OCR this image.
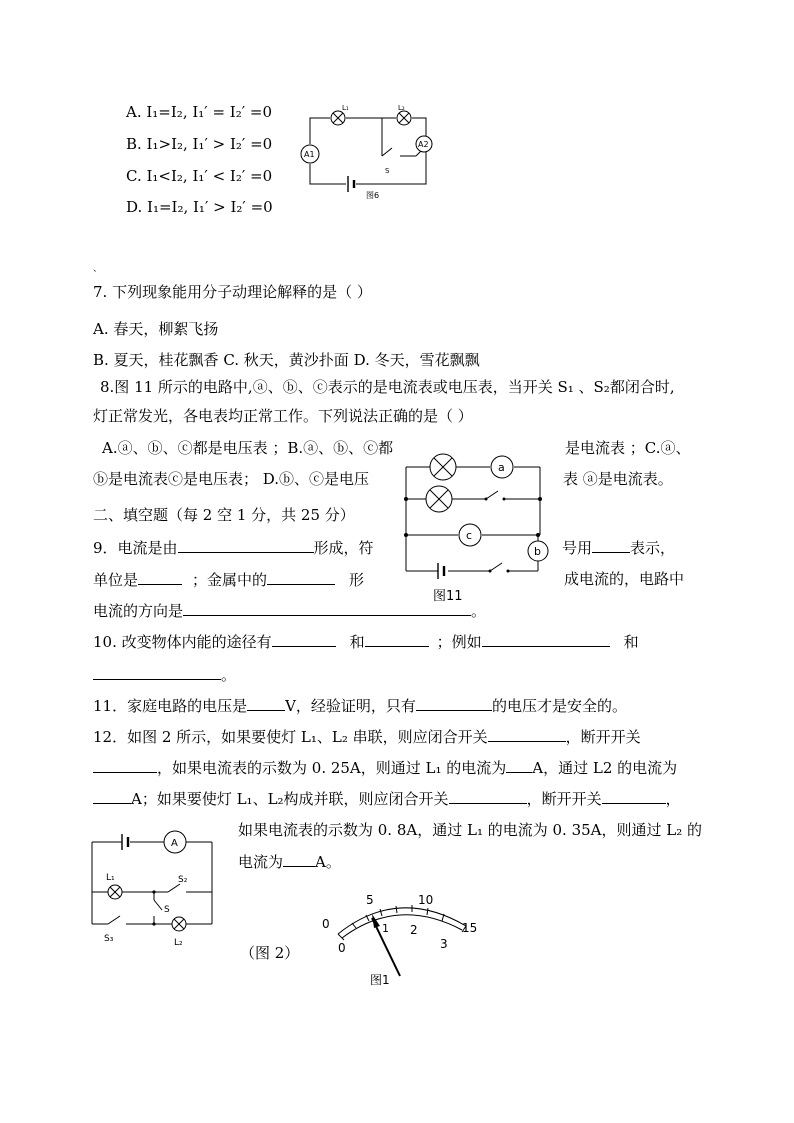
A. I₁=I₂, I₁′ = I₂′ =0
B. I₁>I₂, I₁′ > I₂′ =0
C. I₁<I₂, I₁′ < I₂′ =0
D. I₁=I₂, I₁′ > I₂′ =0
L₁	L₂
A1
A2
S
图6
、
7. 下列现象能用分子动理论解释的是（ ）
A. 春天，柳絮飞扬
B. 夏天，桂花飘香 C. 秋天，黄沙扑面 D. 冬天，雪花飘飘
8.图 11 所示的电路中,ⓐ、ⓑ、ⓒ表示的是电流表或电压表，当开关 S₁ 、S₂都闭合时,
灯正常发光，各电表均正常工作。下列说法正确的是（ ）
A.ⓐ、ⓑ、ⓒ都是电压表 ；B.ⓐ、ⓑ、ⓒ都	是电流表 ；C.ⓐ、
ⓑ是电流表ⓒ是电压表； D.ⓑ、ⓒ是电压	表 ⓐ是电流表。
a
c
b
图11
二、填空题（每 2 空 1 分，共 25 分）
9．电流是由	形成，符	号用	表示，
单位是	；金属中的	形	成电流的，电路中
电流的方向是	。
10. 改变物体内能的途径有	和	；例如	和
。
11．家庭电路的电压是	V，经验证明，只有	的电压才是安全的。
12．如图 2 所示，如果要使灯 L₁、L₂ 串联，则应闭合开关	，断开开关
，如果电流表的示数为 0. 25A，则通过 L₁ 的电流为 A，通过 L2 的电流为
A；如果要使灯 L₁、L₂构成并联，则应闭合开关	，断开开关	，
如果电流表的示数为 0. 8A，通过 L₁ 的电流为 0. 35A，则通过 L₂ 的
电流为 A。
A
L₁	S₂
S
S₃	L₂
（图 2）
0
5	10
15
0
1 2
3
图1
